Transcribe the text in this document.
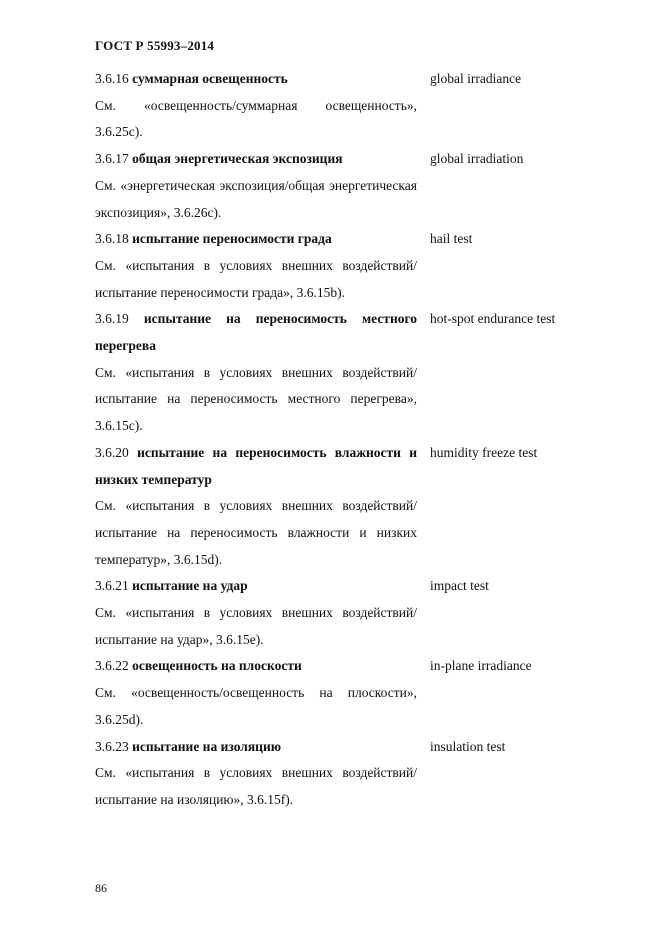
ГОСТ Р 55993–2014

3.6.16 суммарная освещенность

См. «освещенность/суммарная освещенность», 3.6.25c).

global irradiance

3.6.17 общая энергетическая экспозиция

См. «энергетическая экспозиция/общая энергетическая экспозиция», 3.6.26c).

global irradiation

3.6.18 испытание переносимости града

См. «испытания в условиях внешних воздействий/испытание переносимости града», 3.6.15b).

hail test

3.6.19 испытание на переносимость местного перегрева

См. «испытания в условиях внешних воздействий/испытание на переносимость местного перегрева», 3.6.15c).

hot-spot endurance test

3.6.20 испытание на переносимость влажности и низких температур

См. «испытания в условиях внешних воздействий/испытание на переносимость влажности и низких температур», 3.6.15d).

humidity freeze test

3.6.21 испытание на удар

См. «испытания в условиях внешних воздействий/испытание на удар», 3.6.15e).

impact test

3.6.22 освещенность на плоскости

См. «освещенность/освещенность на плоскости», 3.6.25d).

in-plane irradiance

3.6.23 испытание на изоляцию

См. «испытания в условиях внешних воздействий/испытание на изоляцию», 3.6.15f).

insulation test
86
